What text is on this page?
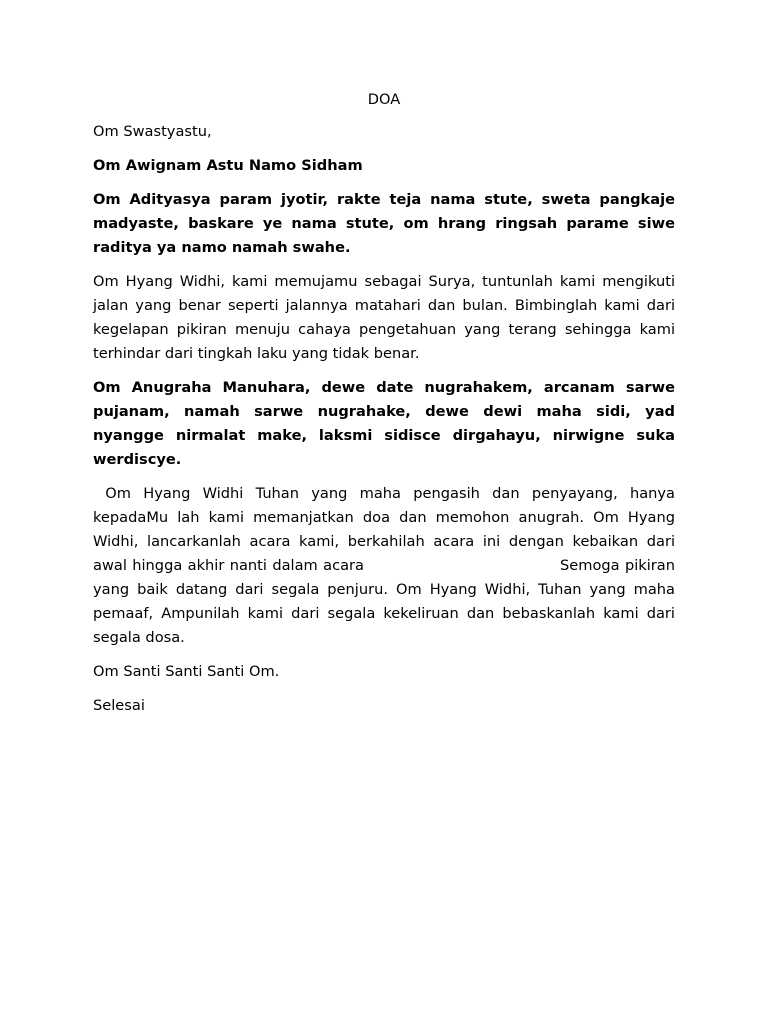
DOA

Om Swastyastu,

Om Awignam Astu Namo Sidham

Om Adityasya param jyotir, rakte teja nama stute, sweta pangkaje madyaste, baskare ye nama stute, om hrang ringsah parame siwe raditya ya namo namah swahe.

Om Hyang Widhi, kami memujamu sebagai Surya, tuntunlah kami mengikuti jalan yang benar seperti jalannya matahari dan bulan. Bimbinglah kami dari kegelapan pikiran menuju cahaya pengetahuan yang terang sehingga kami terhindar dari tingkah laku yang tidak benar.

Om Anugraha Manuhara, dewe date nugrahakem, arcanam sarwe pujanam, namah sarwe nugrahake, dewe dewi maha sidi, yad nyangge nirmalat make, laksmi sidisce dirgahayu, nirwigne suka werdiscye.

Om Hyang Widhi Tuhan yang maha pengasih dan penyayang, hanya kepadaMu lah kami memanjatkan doa dan memohon anugrah. Om Hyang Widhi, lancarkanlah acara kami, berkahilah acara ini dengan kebaikan dari awal hingga akhir nanti dalam acara	Semoga pikiran yang baik datang dari segala penjuru. Om Hyang Widhi, Tuhan yang maha pemaaf, Ampunilah kami dari segala kekeliruan dan bebaskanlah kami dari segala dosa.

Om Santi Santi Santi Om.

Selesai
